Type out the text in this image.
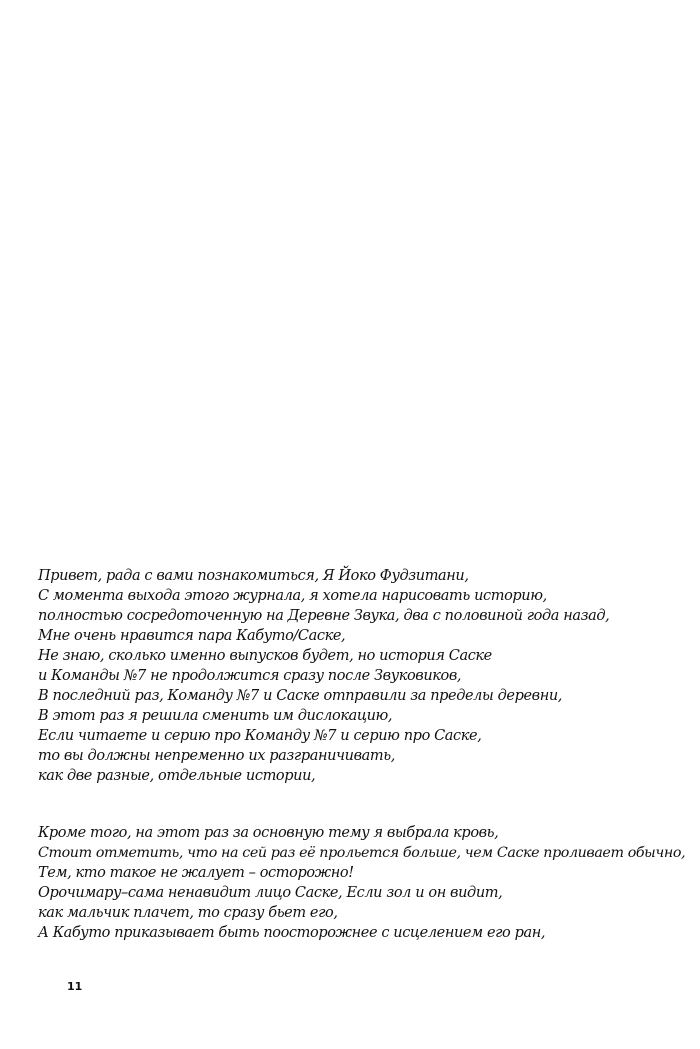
Привет, рада с вами познакомиться, Я Йоко Фудзитани,
С момента выхода этого журнала, я хотела нарисовать историю,
полностью сосредоточенную на Деревне Звука, два с половиной года назад,
Мне очень нравится пара Кабуто/Саске,
Не знаю, сколько именно выпусков будет, но история Саске
и Команды №7 не продолжится сразу после Звуковиков,
В последний раз, Команду №7 и Саске отправили за пределы деревни,
В этот раз я решила сменить им дислокацию,
Если читаете и серию про Команду №7 и серию про Саске,
то вы должны непременно их разграничивать,
как две разные, отдельные истории,
Кроме того, на этот раз за основную тему я выбрала кровь,
Стоит отметить, что на сей раз её прольется больше, чем Саске проливает обычно,
Тем, кто такое не жалует – осторожно!
Орочимару–сама ненавидит лицо Саске, Если зол и он видит,
как мальчик плачет, то сразу бьет его,
А Кабуто приказывает быть поосторожнее с исцелением его ран,
11
